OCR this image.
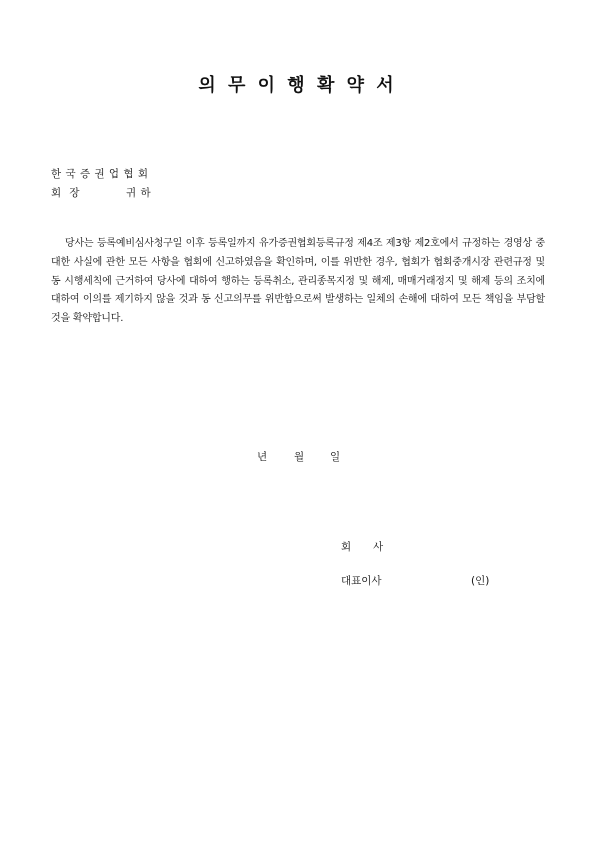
의 무 이 행 확 약 서
한 국 증 권 업 협 회
회  장            귀 하

당사는 등록예비심사청구일 이후 등록일까지 유가증권협회등록규정 제4조 제3항 제2호에서 규정하는 경영상 중대한 사실에 관한 모든 사항을 협회에 신고하였음을 확인하며, 이를 위반한 경우, 협회가 협회중개시장 관련규정 및 동 시행세칙에 근거하여 당사에 대하여 행하는 등록취소, 관리종목지정 및 해제, 매매거래정지 및 해제 등의 조치에 대하여 이의를 제기하지 않을 것과 동 신고의무를 위반함으로써 발생하는 일체의 손해에 대하여 모든 책임을 부담할 것을 확약합니다.

년	월 일
회 사
대표이사	(인)
